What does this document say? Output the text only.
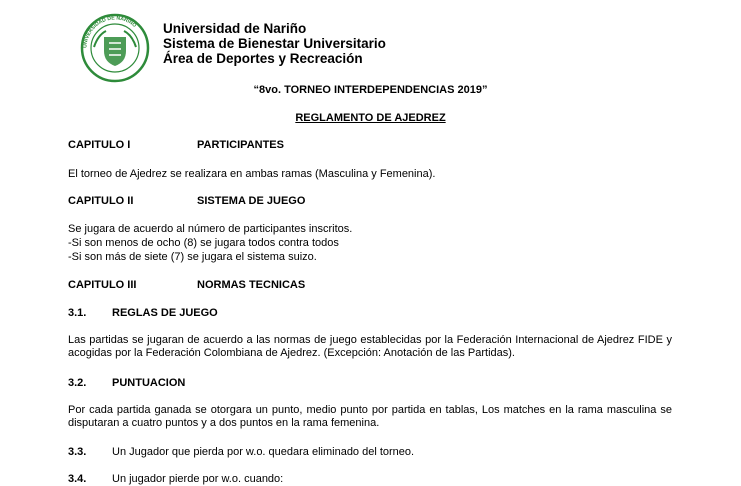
UNIVERSIDAD DE NARIÑO Universidad de Nariño
Sistema de Bienestar Universitario
Área de Deportes y Recreación
“8vo. TORNEO INTERDEPENDENCIAS 2019”
REGLAMENTO DE AJEDREZ
CAPITULO I	PARTICIPANTES
El torneo de Ajedrez se realizara en ambas ramas (Masculina y Femenina).
CAPITULO II	SISTEMA DE JUEGO
Se jugara de acuerdo al número de participantes inscritos.
-Si son menos de ocho (8) se jugara todos contra todos
-Si son más de siete (7) se jugara el sistema suizo.
CAPITULO III	NORMAS TECNICAS
3.1. REGLAS DE JUEGO
Las partidas se jugaran de acuerdo a las normas de juego establecidas por la Federación Internacional de Ajedrez FIDE y acogidas por la Federación Colombiana de Ajedrez. (Excepción: Anotación de las Partidas).
3.2. PUNTUACION
Por cada partida ganada se otorgara un punto, medio punto por partida en tablas, Los matches en la rama masculina se disputaran a cuatro puntos y a dos puntos en la rama femenina.
3.3. Un Jugador que pierda por w.o. quedara eliminado del torneo.
3.4. Un jugador pierde por w.o. cuando:
